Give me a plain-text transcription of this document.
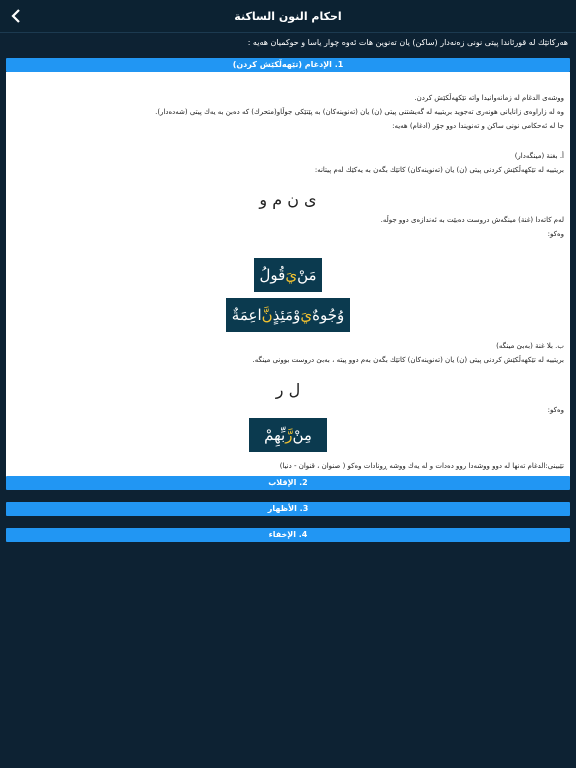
احکام النون الساکنة
هەرکاتێك لە قورئاندا پیتی نونی زەنەدار (ساکن) یان تەنوین هات ئەوە چوار یاسا و حوکمیان هەیە :
1. الإدغام (تێهەڵکێش کردن)
ووشەی الدغام لە زمانەوانیدا واتە تێکهەڵکێش کردن.
وە لە زاراوەی زانایانی هونەری تەجوید بریتییە لە گەیشتنی پیتی (ن) یان (تەنوینەکان) بە پێتێکی جوڵاو(متحرك) کە دەبن بە یەك پیتی (شەدەدار).
جا لە ئەحکامی نونی ساکن و تەنویندا دوو جۆر (ادغام) هەیە:
أ. بغنة (مینگەدار)
بریتییە لە تێکهەڵکێش کردنی پیتی (ن) یان (تەنوینەکان) کاتێك بگەن بە یەکێك لەم پیتانە:
ی ن م و
لەم کاتەدا (غنة) مینگەش دروست دەبێت بە ئەندازەی دوو جوڵە.
وەکو:
مَنْ
يَ
قُولُ
وُجُوهٌ
يَ
وْمَئِذٍ
نَّ
اعِمَةٌ
ب. بلا غنة (بەبێ مینگە)
بریتییە لە تێکهەڵکێش کردنی پیتی (ن) یان (تەنوینەکان) کاتێك بگەن بەم دوو پیتە ، بەبێ دروست بوونی مینگە.
ل ر
وەکو:
مِنْ
رَّ
بِّهِمْ
تێبینی:الدغام تەنها لە دوو ووشەدا روو دەدات و لە یەك ووشە ڕونادات وەکو ( صنوان ، قنوان - دنیا)
2. الإقلاب
3. الأظهار
4. الإخفاء
